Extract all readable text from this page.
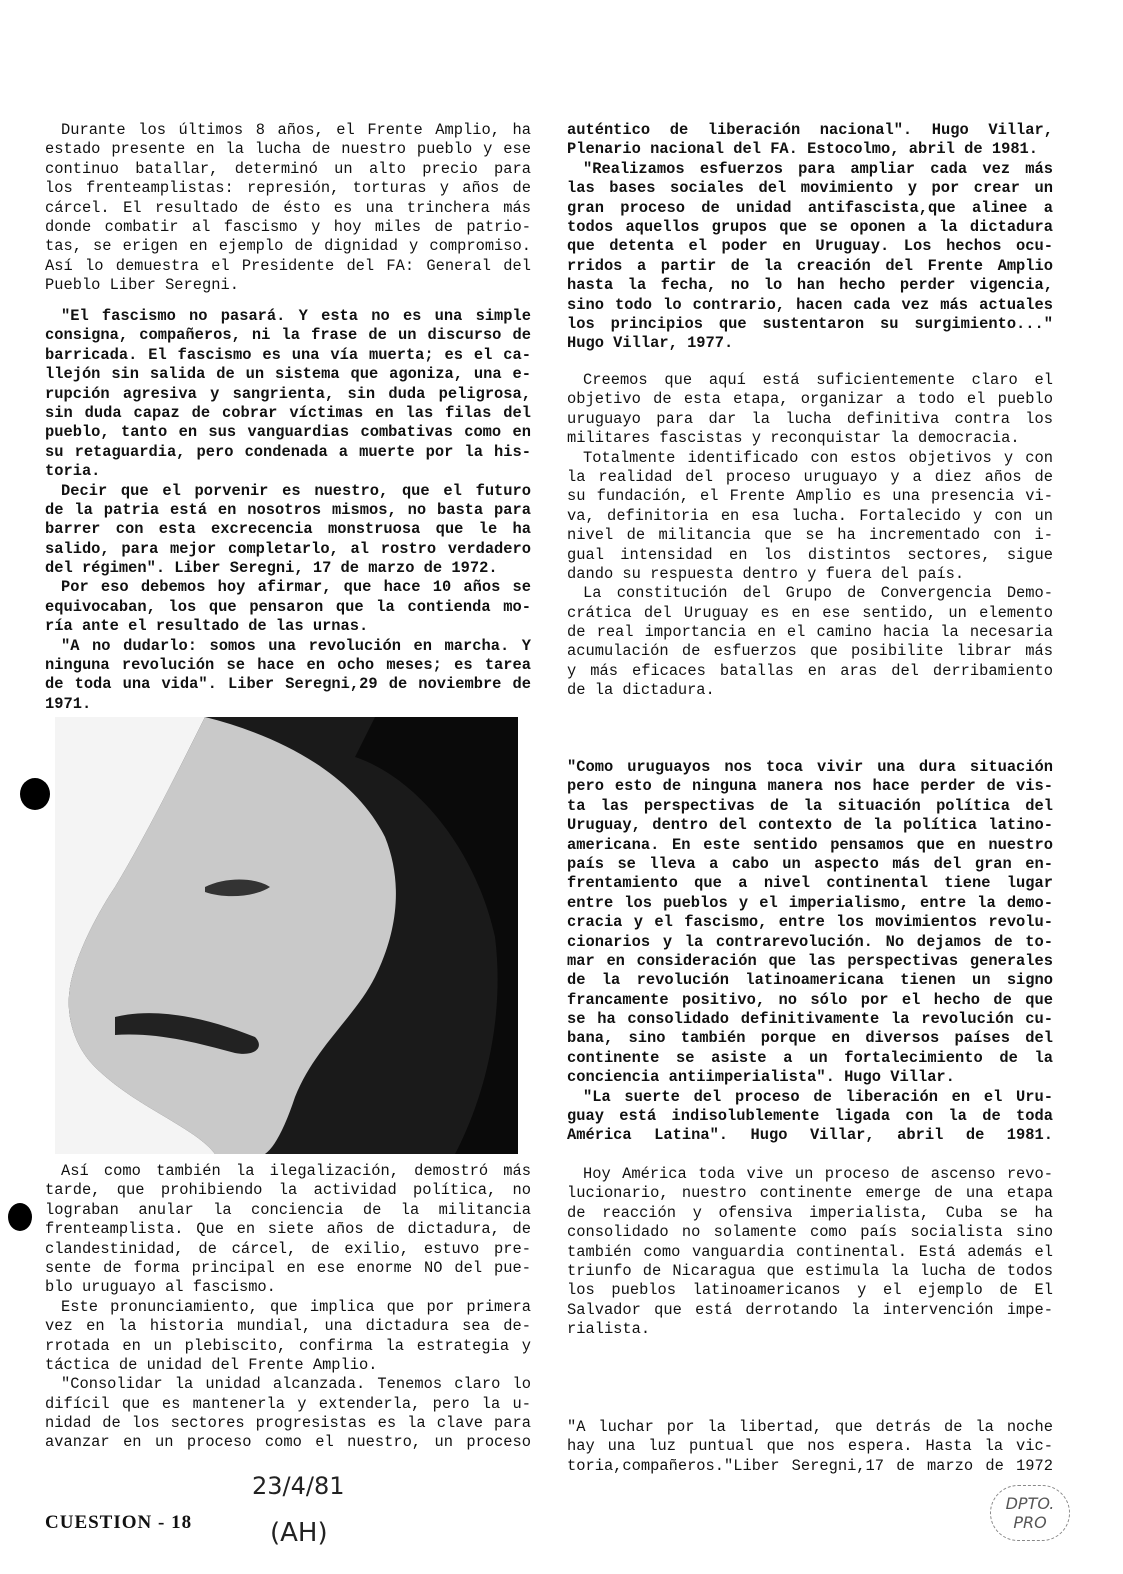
Durante los últimos 8 años, el Frente Amplio, ha
estado presente en la lucha de nuestro pueblo y ese
continuo batallar, determinó un alto precio para
los frenteamplistas: represión, torturas y años de
cárcel. El resultado de ésto es una trinchera más
donde combatir al fascismo y hoy miles de patrio-
tas, se erigen en ejemplo de dignidad y compromiso.
Así lo demuestra el Presidente del FA: General del
Pueblo Liber Seregni.
"El fascismo no pasará. Y esta no es una simple
consigna, compañeros, ni la frase de un discurso de
barricada. El fascismo es una vía muerta; es el ca-
llejón sin salida de un sistema que agoniza, una e-
rupción agresiva y sangrienta, sin duda peligrosa,
sin duda capaz de cobrar víctimas en las filas del
pueblo, tanto en sus vanguardias combativas como en
su retaguardia, pero condenada a muerte por la his-
toria.
Decir que el porvenir es nuestro, que el futuro
de la patria está en nosotros mismos, no basta para
barrer con esta excrecencia monstruosa que le ha
salido, para mejor completarlo, al rostro verdadero
del régimen". Liber Seregni, 17 de marzo de 1972.
Por eso debemos hoy afirmar, que hace 10 años se
equivocaban, los que pensaron que la contienda mo-
ría ante el resultado de las urnas.
"A no dudarlo: somos una revolución en marcha. Y
ninguna revolución se hace en ocho meses; es tarea
de toda una vida". Liber Seregni,29 de noviembre de
1971.
Así como también la ilegalización, demostró más
tarde, que prohibiendo la actividad política, no
lograban anular la conciencia de la militancia
frenteamplista. Que en siete años de dictadura, de
clandestinidad, de cárcel, de exilio, estuvo pre-
sente de forma principal en ese enorme NO del pue-
blo uruguayo al fascismo.
Este pronunciamiento, que implica que por primera
vez en la historia mundial, una dictadura sea de-
rrotada en un plebiscito, confirma la estrategia y
táctica de unidad del Frente Amplio.
"Consolidar la unidad alcanzada. Tenemos claro lo
difícil que es mantenerla y extenderla, pero la u-
nidad de los sectores progresistas es la clave para
avanzar en un proceso como el nuestro, un proceso
auténtico de liberación nacional". Hugo Villar,
Plenario nacional del FA. Estocolmo, abril de 1981.
"Realizamos esfuerzos para ampliar cada vez más
las bases sociales del movimiento y por crear un
gran proceso de unidad antifascista,que alinee a
todos aquellos grupos que se oponen a la dictadura
que detenta el poder en Uruguay. Los hechos ocu-
rridos a partir de la creación del Frente Amplio
hasta la fecha, no lo han hecho perder vigencia,
sino todo lo contrario, hacen cada vez más actuales
los principios que sustentaron su surgimiento..."
Hugo Villar, 1977.
Creemos que aquí está suficientemente claro el
objetivo de esta etapa, organizar a todo el pueblo
uruguayo para dar la lucha definitiva contra los
militares fascistas y reconquistar la democracia.
Totalmente identificado con estos objetivos y con
la realidad del proceso uruguayo y a diez años de
su fundación, el Frente Amplio es una presencia vi-
va, definitoria en esa lucha. Fortalecido y con un
nivel de militancia que se ha incrementado con i-
gual intensidad en los distintos sectores, sigue
dando su respuesta dentro y fuera del país.
La constitución del Grupo de Convergencia Demo-
crática del Uruguay es en ese sentido, un elemento
de real importancia en el camino hacia la necesaria
acumulación de esfuerzos que posibilite librar más
y más eficaces batallas en aras del derribamiento
de la dictadura.
"Como uruguayos nos toca vivir una dura situación
pero esto de ninguna manera nos hace perder de vis-
ta las perspectivas de la situación política del
Uruguay, dentro del contexto de la política latino-
americana. En este sentido pensamos que en nuestro
país se lleva a cabo un aspecto más del gran en-
frentamiento que a nivel continental tiene lugar
entre los pueblos y el imperialismo, entre la demo-
cracia y el fascismo, entre los movimientos revolu-
cionarios y la contrarevolución. No dejamos de to-
mar en consideración que las perspectivas generales
de la revolución latinoamericana tienen un signo
francamente positivo, no sólo por el hecho de que
se ha consolidado definitivamente la revolución cu-
bana, sino también porque en diversos países del
continente se asiste a un fortalecimiento de la
conciencia antiimperialista". Hugo Villar.
"La suerte del proceso de liberación en el Uru-
guay está indisolublemente ligada con la de toda
América Latina". Hugo Villar, abril de 1981.
Hoy América toda vive un proceso de ascenso revo-
lucionario, nuestro continente emerge de una etapa
de reacción y ofensiva imperialista, Cuba se ha
consolidado no solamente como país socialista sino
también como vanguardia continental. Está además el
triunfo de Nicaragua que estimula la lucha de todos
los pueblos latinoamericanos y el ejemplo de El
Salvador que está derrotando la intervención impe-
rialista.
"A luchar por la libertad, que detrás de la noche
hay una luz puntual que nos espera. Hasta la vic-
toria,compañeros."Liber Seregni,17 de marzo de 1972
CUESTION - 18
23/4/81
(AH)
DPTO. PRO
